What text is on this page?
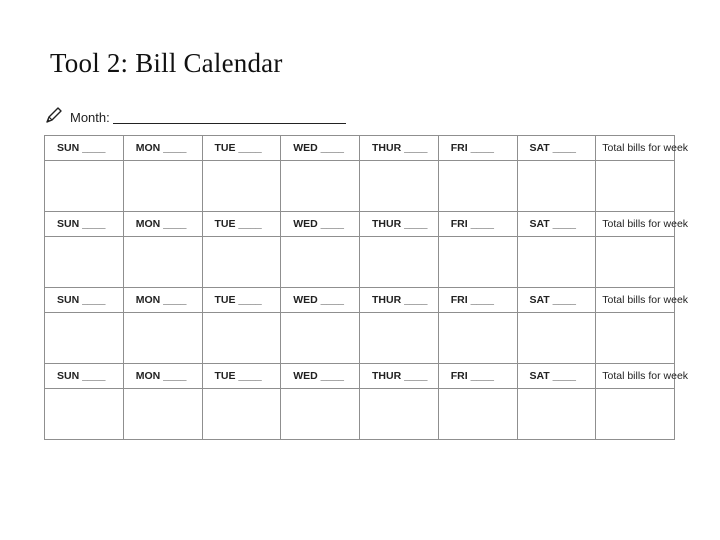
Tool 2: Bill Calendar
Month:
SUN ____	MON ____	TUE ____	WED ____	THUR ____	FRI ____	SAT ____	Total bills for week

SUN ____	MON ____	TUE ____	WED ____	THUR ____	FRI ____	SAT ____	Total bills for week

SUN ____	MON ____	TUE ____	WED ____	THUR ____	FRI ____	SAT ____	Total bills for week

SUN ____	MON ____	TUE ____	WED ____	THUR ____	FRI ____	SAT ____	Total bills for week
